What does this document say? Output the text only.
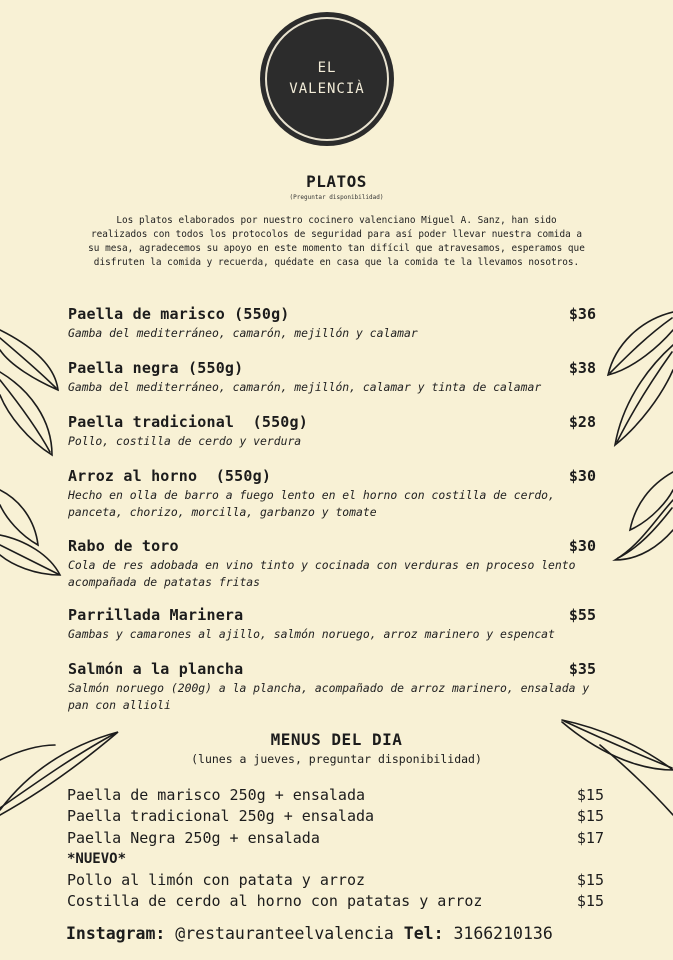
EL
VALENCIÀ
PLATOS
(Preguntar disponibilidad)
Los platos elaborados por nuestro cocinero valenciano Miguel A. Sanz, han sido realizados con todos los protocolos de seguridad para así poder llevar nuestra comida a su mesa, agradecemos su apoyo en este momento tan difícil que atravesamos, esperamos que disfruten la comida y recuerda, quédate en casa que la comida te la llevamos nosotros.
Paella de marisco (550g)	$36
Gamba del mediterráneo, camarón, mejillón y calamar
Paella negra (550g)	$38
Gamba del mediterráneo, camarón, mejillón, calamar y tinta de calamar
Paella tradicional  (550g)	$28
Pollo, costilla de cerdo y verdura
Arroz al horno  (550g)	$30
Hecho en olla de barro a fuego lento en el horno con costilla de cerdo, panceta, chorizo, morcilla, garbanzo y tomate
Rabo de toro	$30
Cola de res adobada en vino tinto y cocinada con verduras en proceso lento acompañada de patatas fritas
Parrillada Marinera	$55
Gambas y camarones al ajillo, salmón noruego, arroz marinero y espencat
Salmón a la plancha	$35
Salmón noruego (200g) a la plancha, acompañado de arroz marinero, ensalada y pan con allioli
MENUS DEL DIA
(lunes a jueves, preguntar disponibilidad)
Paella de marisco 250g + ensalada	$15
Paella tradicional 250g + ensalada	$15
Paella Negra 250g + ensalada	$17
*NUEVO*
Pollo al limón con patata y arroz	$15
Costilla de cerdo al horno con patatas y arroz	$15
Instagram: @restauranteelvalencia Tel: 3166210136
